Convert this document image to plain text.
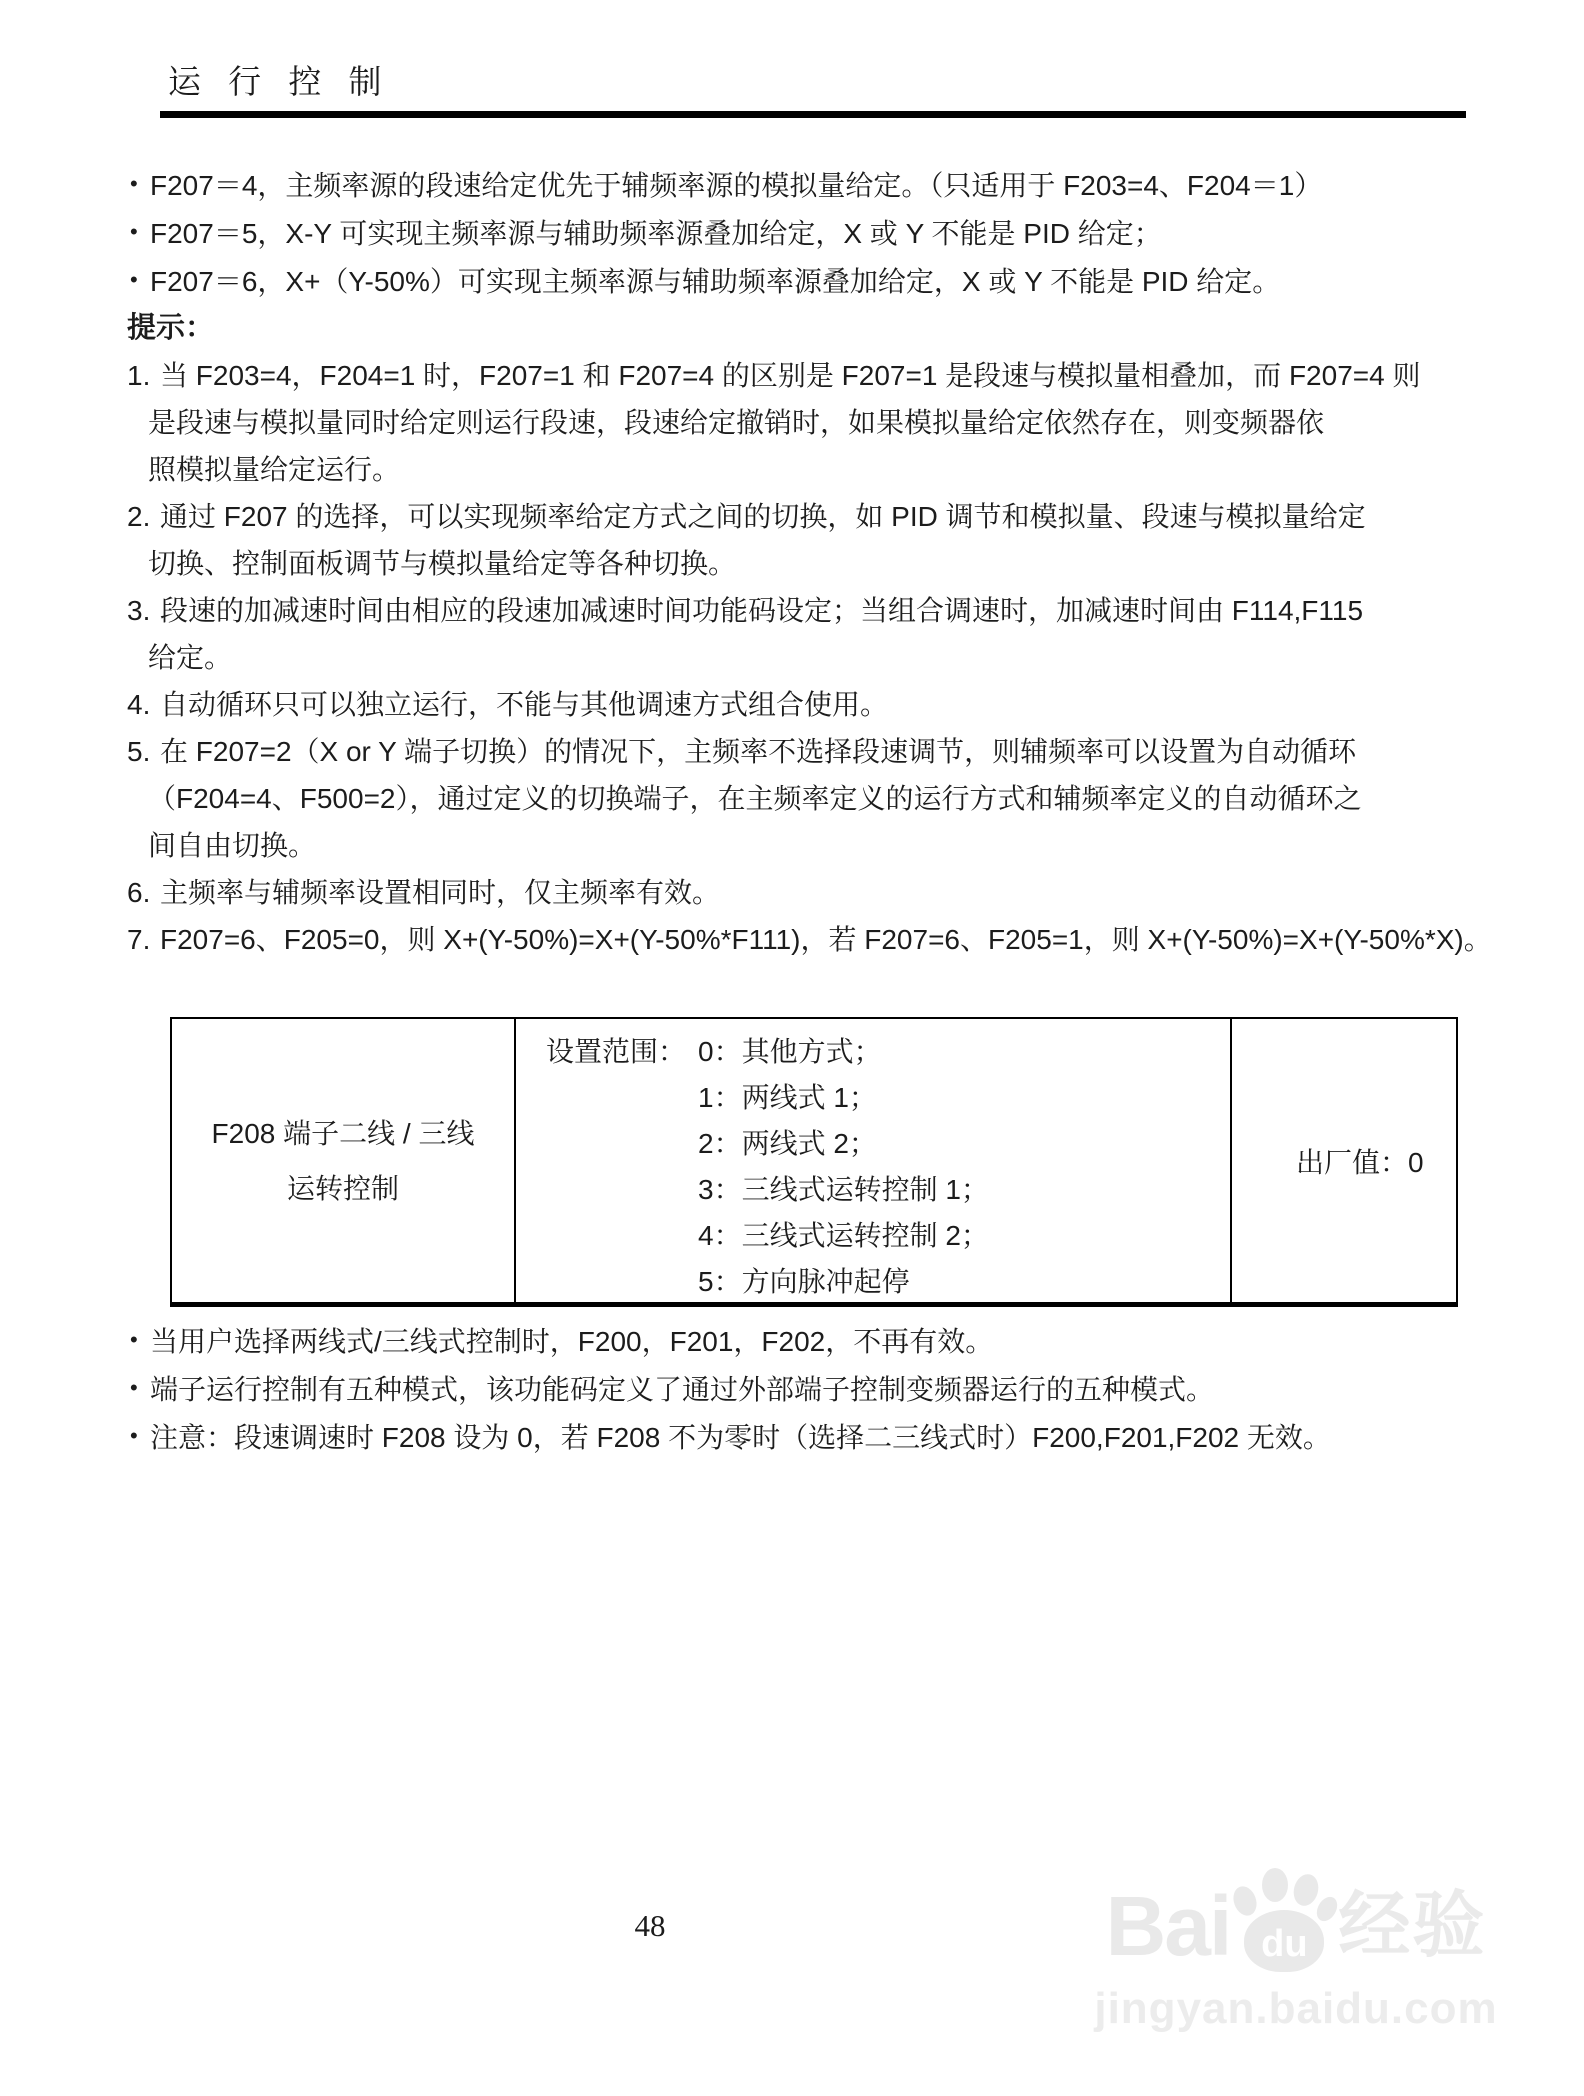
运 行 控 制
• F207＝4，主频率源的段速给定优先于辅频率源的模拟量给定。（只适用于 F203=4、F204＝1）
• F207＝5，X-Y 可实现主频率源与辅助频率源叠加给定，X 或 Y 不能是 PID 给定；
• F207＝6，X+（Y-50%）可实现主频率源与辅助频率源叠加给定，X 或 Y 不能是 PID 给定。
提示：
1. 当 F203=4，F204=1 时，F207=1 和 F207=4 的区别是 F207=1 是段速与模拟量相叠加，而 F207=4 则
是段速与模拟量同时给定则运行段速，段速给定撤销时，如果模拟量给定依然存在，则变频器依
照模拟量给定运行。
2. 通过 F207 的选择，可以实现频率给定方式之间的切换，如 PID 调节和模拟量、段速与模拟量给定
切换、控制面板调节与模拟量给定等各种切换。
3. 段速的加减速时间由相应的段速加减速时间功能码设定；当组合调速时，加减速时间由 F114,F115
给定。
4. 自动循环只可以独立运行，不能与其他调速方式组合使用。
5. 在 F207=2（X or Y 端子切换）的情况下，主频率不选择段速调节，则辅频率可以设置为自动循环
（F204=4、F500=2），通过定义的切换端子，在主频率定义的运行方式和辅频率定义的自动循环之
间自由切换。
6. 主频率与辅频率设置相同时，仅主频率有效。
7. F207=6、F205=0，则 X+(Y-50%)=X+(Y-50%*F111)，若 F207=6、F205=1，则 X+(Y-50%)=X+(Y-50%*X)。
F208 端子二线 / 三线
运转控制
设置范围： 0：其他方式；
1：两线式 1；
2：两线式 2；
3：三线式运转控制 1；
4：三线式运转控制 2；
5：方向脉冲起停
出厂值：0
• 当用户选择两线式/三线式控制时，F200，F201，F202，不再有效。
• 端子运行控制有五种模式，该功能码定义了通过外部端子控制变频器运行的五种模式。
• 注意：段速调速时 F208 设为 0，若 F208 不为零时（选择二三线式时）F200,F201,F202 无效。
48	Bai du 经验
jingyan.baidu.com
